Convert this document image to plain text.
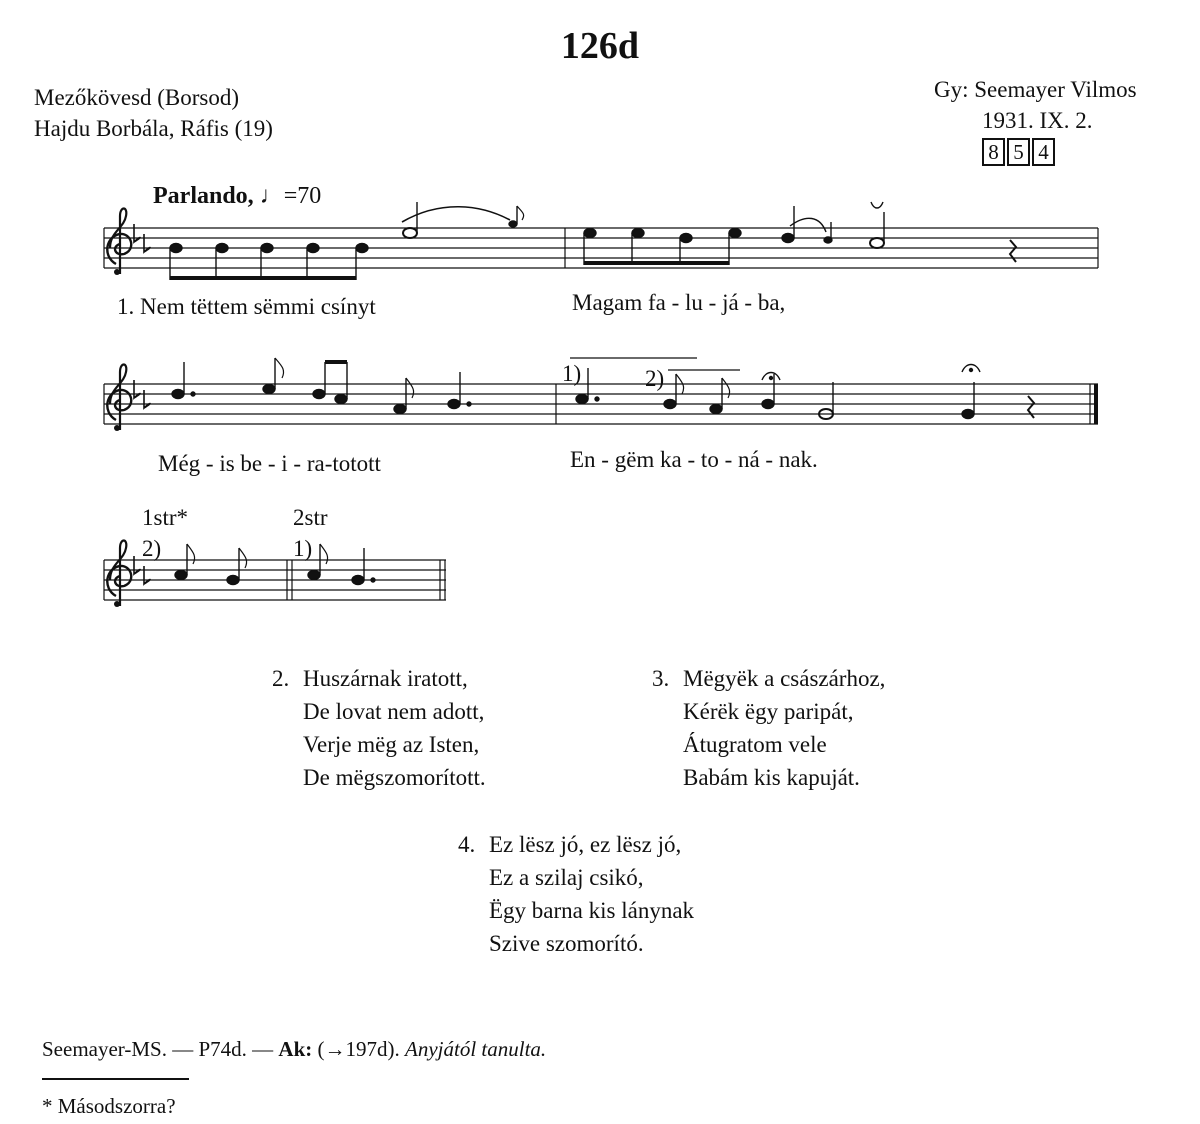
126d
Mezőkövesd (Borsod)
Hajdu Borbála, Ráfis (19)
Gy: Seemayer Vilmos
1931. IX. 2.
8 5 4
Parlando, ♩=70
1. Nem tëttem sëmmi csínyt	Magam fa - lu - já - ba,
Még - is be - i - ra-totott	En - gëm ka - to - ná - nak.
1)	2)
1str*	2str
2)	1)
2. Huszárnak iratott,
De lovat nem adott,
Verje mëg az Isten,
De mëgszomorított.
3. Mëgyëk a császárhoz,
Kérëk ëgy paripát,
Átugratom vele
Babám kis kapuját.
4. Ez lësz jó, ez lësz jó,
Ez a szilaj csikó,
Ëgy barna kis lánynak
Szive szomorító.
Seemayer-MS. — P74d. — Ak: (→197d). Anyjától tanulta.
* Másodszorra?
